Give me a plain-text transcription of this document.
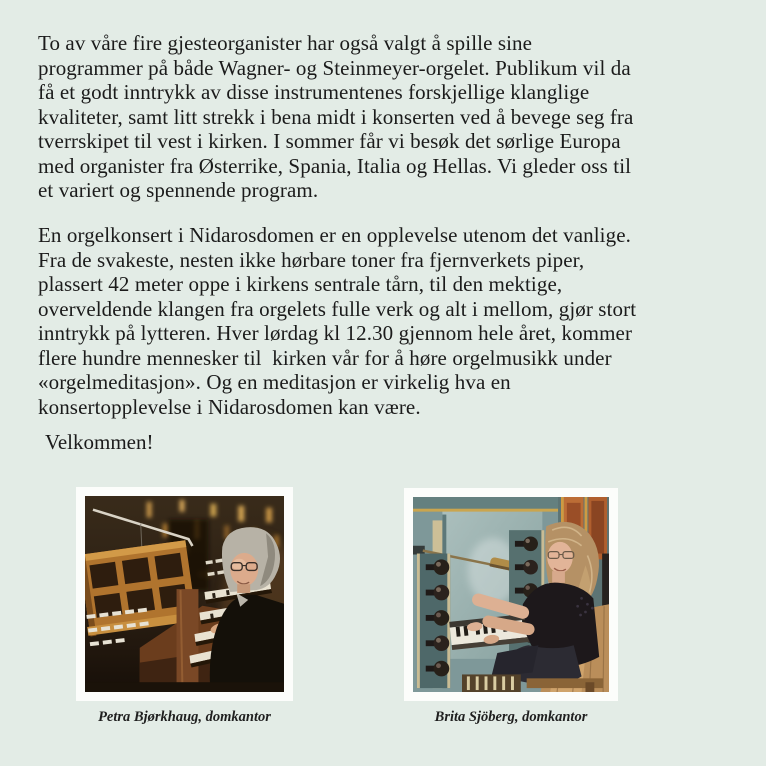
To av våre fire gjesteorganister har også valgt å spille sine
programmer på både Wagner- og Steinmeyer-orgelet. Publikum vil da
få et godt inntrykk av disse instrumentenes forskjellige klanglige
kvaliteter, samt litt strekk i bena midt i konserten ved å bevege seg fra
tverrskipet til vest i kirken. I sommer får vi besøk det sørlige Europa
med organister fra Østerrike, Spania, Italia og Hellas. Vi gleder oss til
et variert og spennende program.
En orgelkonsert i Nidarosdomen er en opplevelse utenom det vanlige.
Fra de svakeste, nesten ikke hørbare toner fra fjernverkets piper,
plassert 42 meter oppe i kirkens sentrale tårn, til den mektige,
overveldende klangen fra orgelets fulle verk og alt i mellom, gjør stort
inntrykk på lytteren. Hver lørdag kl 12.30 gjennom hele året, kommer
flere hundre mennesker til  kirken vår for å høre orgelmusikk under
«orgelmeditasjon». Og en meditasjon er virkelig hva en
konsertopplevelse i Nidarosdomen kan være.
Velkommen!
Petra Bjørkhaug, domkantor	Brita Sjöberg, domkantor
